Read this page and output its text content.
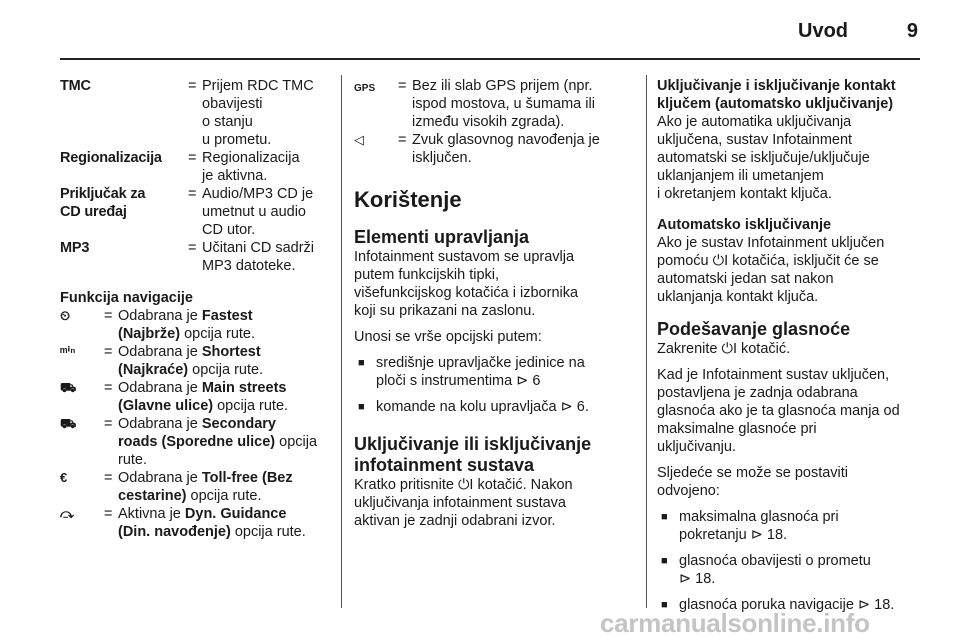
Uvod	9
TMC	= Prijem RDC TMC
obavijesti
o stanju
u prometu.
Regionalizacija	= Regionalizacija
je aktivna.
Priključak za
CD uređaj
= Audio/MP3 CD je
umetnut u audio
CD utor.
MP3	= Učitani CD sadrži
MP3 datoteke.
Funkcija navigacije
⏲	= Odabrana je Fastest
(Najbrže) opcija rute.
ᵐⁱⁿ	= Odabrana je Shortest
(Najkraće) opcija rute.
⛟	= Odabrana je Main streets
(Glavne ulice) opcija rute.
⛟	= Odabrana je Secondary
roads (Sporedne ulice) opcija
rute.
€	= Odabrana je Toll-free (Bez
cestarine) opcija rute.
⤼	= Aktivna je Dyn. Guidance
(Din. navođenje) opcija rute.
GPS	= Bez ili slab GPS prijem (npr.
ispod mostova, u šumama ili
između visokih zgrada).
◁	= Zvuk glasovnog navođenja je
isključen.
Korištenje
Elementi upravljanja
Infotainment sustavom se upravlja
putem funkcijskih tipki,
višefunkcijskog kotačića i izbornika
koji su prikazani na zaslonu.
Unosi se vrše opcijski putem:
■ središnje upravljačke jedinice na
ploči s instrumentima ⊳ 6
■ komande na kolu upravljača ⊳ 6.
Uključivanje ili isključivanje
infotainment sustava
Kratko pritisnite ⏻I kotačić. Nakon
uključivanja infotainment sustava
aktivan je zadnji odabrani izvor.
Uključivanje i isključivanje kontakt
ključem (automatsko uključivanje)
Ako je automatika uključivanja
uključena, sustav Infotainment
automatski se isključuje/uključuje
uklanjanjem ili umetanjem
i okretanjem kontakt ključa.
Automatsko isključivanje
Ako je sustav Infotainment uključen
pomoću ⏻I kotačića, isključit će se
automatski jedan sat nakon
uklanjanja kontakt ključa.
Podešavanje glasnoće
Zakrenite ⏻I kotačić.
Kad je Infotainment sustav uključen,
postavljena je zadnja odabrana
glasnoća ako je ta glasnoća manja od
maksimalne glasnoće pri
uključivanju.
Sljedeće se može se postaviti
odvojeno:
■ maksimalna glasnoća pri
pokretanju ⊳ 18.
■ glasnoća obavijesti o prometu
⊳ 18.
■ glasnoća poruka navigacije ⊳ 18.
carmanualsonline.info
